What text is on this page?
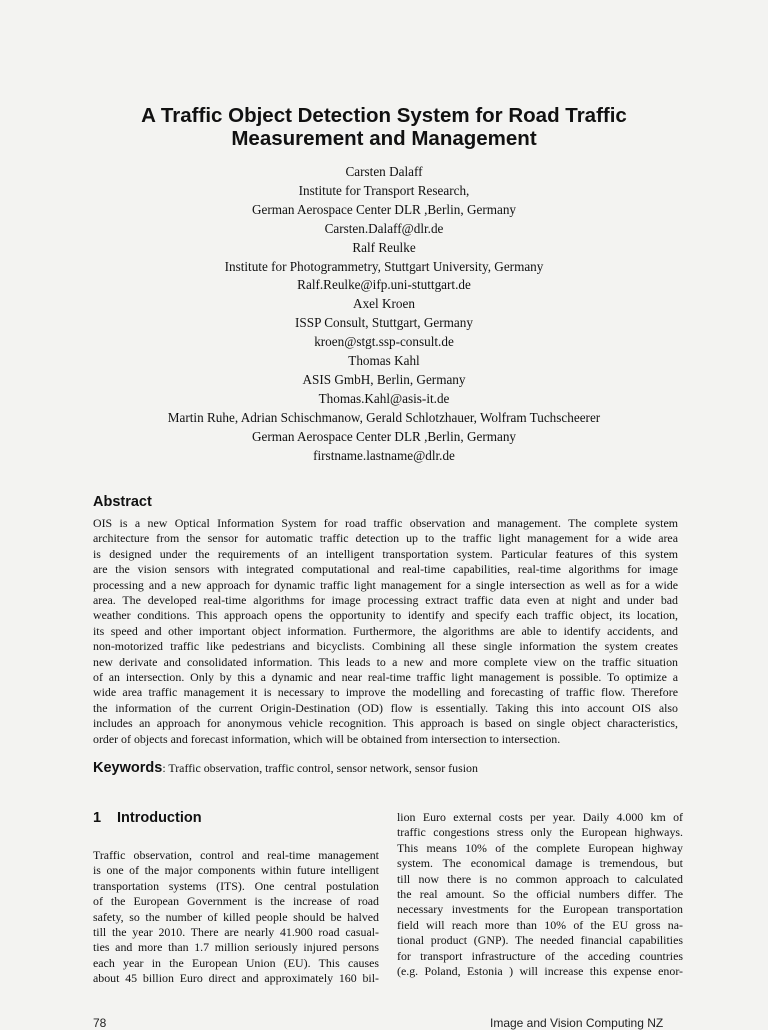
A Traffic Object Detection System for Road Traffic
Measurement and Management
Carsten Dalaff
Institute for Transport Research,
German Aerospace Center DLR ,Berlin, Germany
Carsten.Dalaff@dlr.de
Ralf Reulke
Institute for Photogrammetry, Stuttgart University, Germany
Ralf.Reulke@ifp.uni-stuttgart.de
Axel Kroen
ISSP Consult, Stuttgart, Germany
kroen@stgt.ssp-consult.de
Thomas Kahl
ASIS GmbH, Berlin, Germany
Thomas.Kahl@asis-it.de
Martin Ruhe, Adrian Schischmanow, Gerald Schlotzhauer, Wolfram Tuchscheerer
German Aerospace Center DLR ,Berlin, Germany
firstname.lastname@dlr.de
Abstract
OIS is a new Optical Information System for road traffic observation and management. The complete system
architecture from the sensor for automatic traffic detection up to the traffic light management for a wide area
is designed under the requirements of an intelligent transportation system. Particular features of this system
are the vision sensors with integrated computational and real-time capabilities, real-time algorithms for image
processing and a new approach for dynamic traffic light management for a single intersection as well as for a wide
area. The developed real-time algorithms for image processing extract traffic data even at night and under bad
weather conditions. This approach opens the opportunity to identify and specify each traffic object, its location,
its speed and other important object information. Furthermore, the algorithms are able to identify accidents, and
non-motorized traffic like pedestrians and bicyclists. Combining all these single information the system creates
new derivate and consolidated information. This leads to a new and more complete view on the traffic situation
of an intersection. Only by this a dynamic and near real-time traffic light management is possible. To optimize a
wide area traffic management it is necessary to improve the modelling and forecasting of traffic flow. Therefore
the information of the current Origin-Destination (OD) flow is essentially. Taking this into account OIS also
includes an approach for anonymous vehicle recognition. This approach is based on single object characteristics,
order of objects and forecast information, which will be obtained from intersection to intersection.
Keywords: Traffic observation, traffic control, sensor network, sensor fusion
1 Introduction
Traffic observation, control and real-time management
is one of the major components within future intelligent
transportation systems (ITS). One central postulation
of the European Government is the increase of road
safety, so the number of killed people should be halved
till the year 2010. There are nearly 41.900 road casual-
ties and more than 1.7 million seriously injured persons
each year in the European Union (EU). This causes
about 45 billion Euro direct and approximately 160 bil-
lion Euro external costs per year. Daily 4.000 km of
traffic congestions stress only the European highways.
This means 10% of the complete European highway
system. The economical damage is tremendous, but
till now there is no common approach to calculated
the real amount. So the official numbers differ. The
necessary investments for the European transportation
field will reach more than 10% of the EU gross na-
tional product (GNP). The needed financial capabilities
for transport infrastructure of the acceding countries
(e.g. Poland, Estonia ) will increase this expense enor-
78	Image and Vision Computing NZ
